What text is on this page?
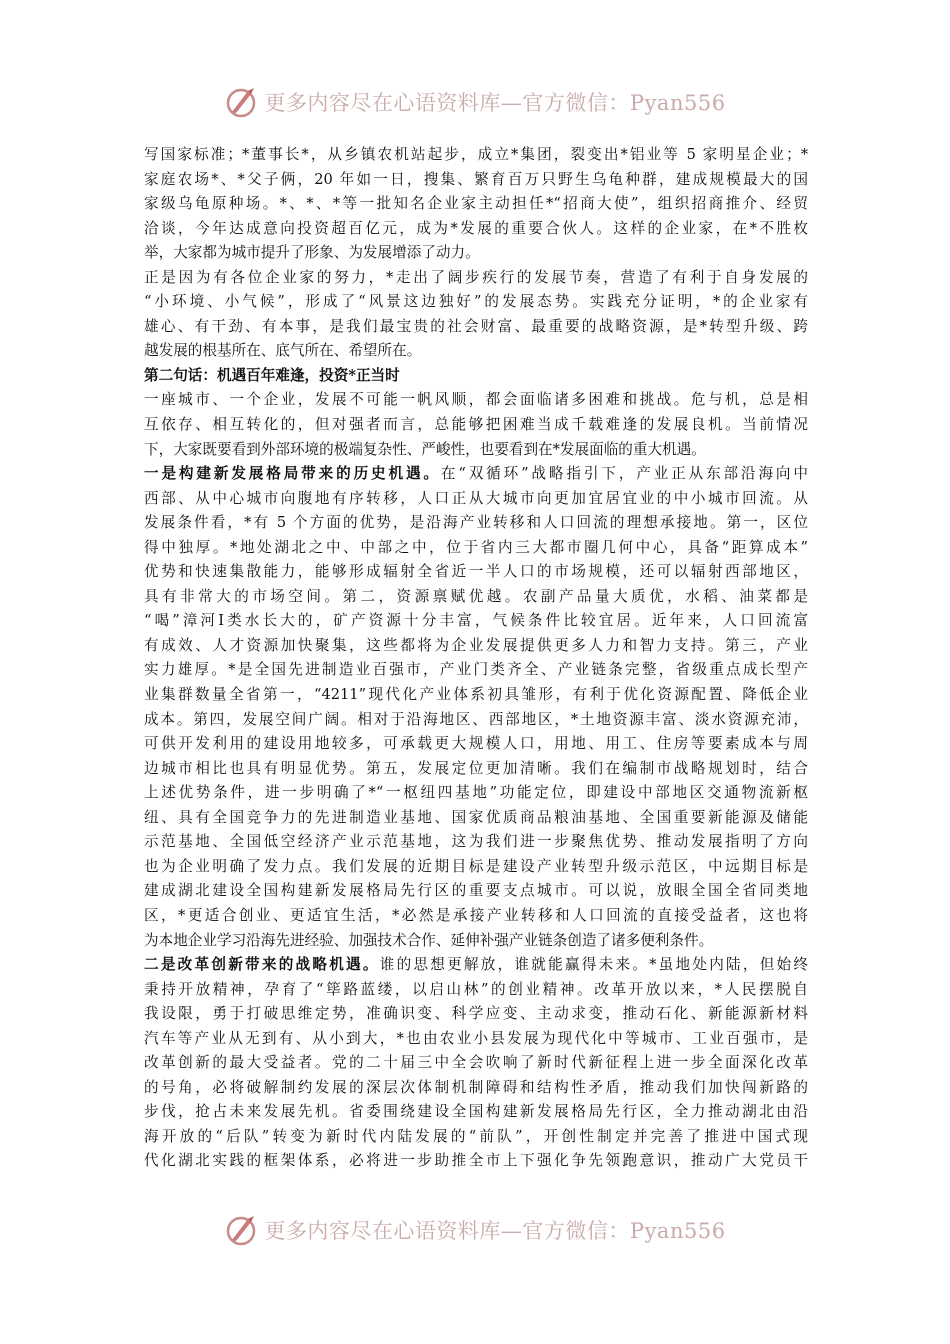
更多内容尽在心语资料库—官方微信：Pyan556
写国家标准；*董事长*，从乡镇农机站起步，成立*集团，裂变出*铝业等 5 家明星企业；*
家庭农场*、*父子俩，20 年如一日，搜集、繁育百万只野生乌龟种群，建成规模最大的国
家级乌龟原种场。*、*、*等一批知名企业家主动担任*“招商大使”，组织招商推介、经贸
洽谈，今年达成意向投资超百亿元，成为*发展的重要合伙人。这样的企业家，在*不胜枚
举，大家都为城市提升了形象、为发展增添了动力。
正是因为有各位企业家的努力，*走出了阔步疾行的发展节奏，营造了有利于自身发展的
“小环境、小气候”，形成了“风景这边独好”的发展态势。实践充分证明，*的企业家有
雄心、有干劲、有本事，是我们最宝贵的社会财富、最重要的战略资源，是*转型升级、跨
越发展的根基所在、底气所在、希望所在。
第二句话：机遇百年难逢，投资*正当时
一座城市、一个企业，发展不可能一帆风顺，都会面临诸多困难和挑战。危与机，总是相
互依存、相互转化的，但对强者而言，总能够把困难当成千载难逢的发展良机。当前情况
下，大家既要看到外部环境的极端复杂性、严峻性，也要看到在*发展面临的重大机遇。
一是构建新发展格局带来的历史机遇。在“双循环”战略指引下，产业正从东部沿海向中
西部、从中心城市向腹地有序转移，人口正从大城市向更加宜居宜业的中小城市回流。从
发展条件看，*有 5 个方面的优势，是沿海产业转移和人口回流的理想承接地。第一，区位
得中独厚。*地处湖北之中、中部之中，位于省内三大都市圈几何中心，具备“距算成本”
优势和快速集散能力，能够形成辐射全省近一半人口的市场规模，还可以辐射西部地区，
具有非常大的市场空间。第二，资源禀赋优越。农副产品量大质优，水稻、油菜都是
“喝”漳河Ⅰ类水长大的，矿产资源十分丰富，气候条件比较宜居。近年来，人口回流富
有成效、人才资源加快聚集，这些都将为企业发展提供更多人力和智力支持。第三，产业
实力雄厚。*是全国先进制造业百强市，产业门类齐全、产业链条完整，省级重点成长型产
业集群数量全省第一，“4211”现代化产业体系初具雏形，有利于优化资源配置、降低企业
成本。第四，发展空间广阔。相对于沿海地区、西部地区，*土地资源丰富、淡水资源充沛，
可供开发利用的建设用地较多，可承载更大规模人口，用地、用工、住房等要素成本与周
边城市相比也具有明显优势。第五，发展定位更加清晰。我们在编制市战略规划时，结合
上述优势条件，进一步明确了*“一枢纽四基地”功能定位，即建设中部地区交通物流新枢
纽、具有全国竞争力的先进制造业基地、国家优质商品粮油基地、全国重要新能源及储能
示范基地、全国低空经济产业示范基地，这为我们进一步聚焦优势、推动发展指明了方向
也为企业明确了发力点。我们发展的近期目标是建设产业转型升级示范区，中远期目标是
建成湖北建设全国构建新发展格局先行区的重要支点城市。可以说，放眼全国全省同类地
区，*更适合创业、更适宜生活，*必然是承接产业转移和人口回流的直接受益者，这也将
为本地企业学习沿海先进经验、加强技术合作、延伸补强产业链条创造了诸多便利条件。
二是改革创新带来的战略机遇。谁的思想更解放，谁就能赢得未来。*虽地处内陆，但始终
秉持开放精神，孕育了“筚路蓝缕，以启山林”的创业精神。改革开放以来，*人民摆脱自
我设限，勇于打破思维定势，准确识变、科学应变、主动求变，推动石化、新能源新材料
汽车等产业从无到有、从小到大，*也由农业小县发展为现代化中等城市、工业百强市，是
改革创新的最大受益者。党的二十届三中全会吹响了新时代新征程上进一步全面深化改革
的号角，必将破解制约发展的深层次体制机制障碍和结构性矛盾，推动我们加快闯新路的
步伐，抢占未来发展先机。省委围绕建设全国构建新发展格局先行区，全力推动湖北由沿
海开放的“后队”转变为新时代内陆发展的“前队”，开创性制定并完善了推进中国式现
代化湖北实践的框架体系，必将进一步助推全市上下强化争先领跑意识，推动广大党员干
更多内容尽在心语资料库—官方微信：Pyan556
